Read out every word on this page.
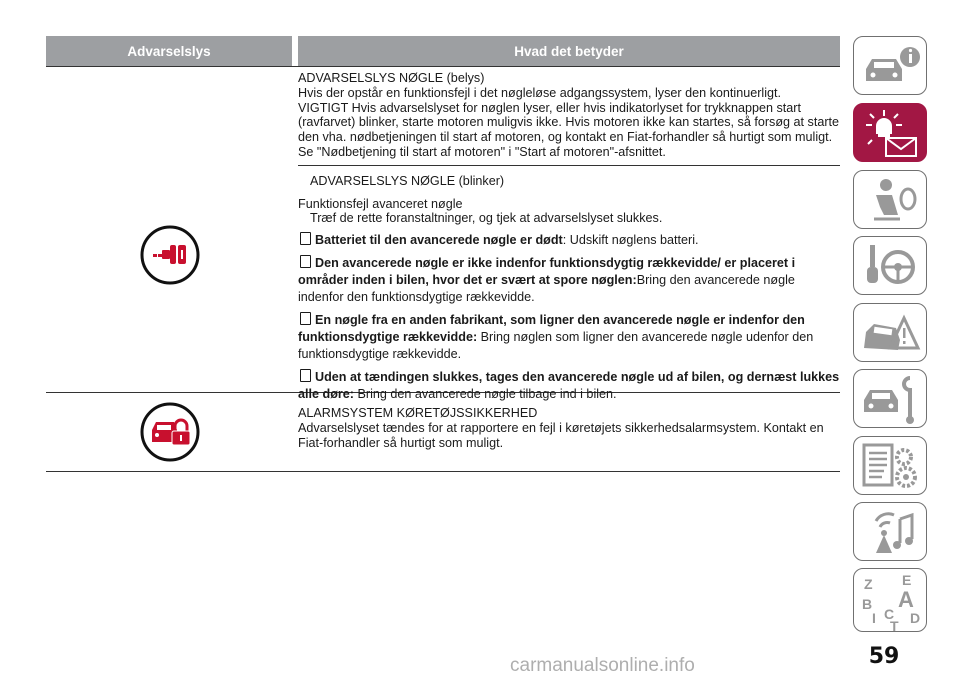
Advarselslys	Hvad det betyder
ADVARSELSLYS NØGLE (belys)
Hvis der opstår en funktionsfejl i det nøgleløse adgangssystem, lyser den kontinuerligt.
VIGTIGT Hvis advarselslyset for nøglen lyser, eller hvis indikatorlyset for trykknappen start
(ravfarvet) blinker, starte motoren muligvis ikke. Hvis motoren ikke kan startes, så forsøg at starte
den vha. nødbetjeningen til start af motoren, og kontakt en Fiat-forhandler så hurtigt som muligt.
Se "Nødbetjening til start af motoren" i "Start af motoren"-afsnittet.
ADVARSELSLYS NØGLE (blinker)
Funktionsfejl avanceret nøgle
Træf de rette foranstaltninger, og tjek at advarselslyset slukkes.
Batteriet til den avancerede nøgle er dødt: Udskift nøglens batteri.
Den avancerede nøgle er ikke indenfor funktionsdygtig rækkevidde/ er placeret i områder inden i bilen, hvor det er svært at spore nøglen:Bring den avancerede nøgle indenfor den funktionsdygtige rækkevidde.
En nøgle fra en anden fabrikant, som ligner den avancerede nøgle er indenfor den funktionsdygtige rækkevidde: Bring nøglen som ligner den avancerede nøgle udenfor den funktionsdygtige rækkevidde.
Uden at tændingen slukkes, tages den avancerede nøgle ud af bilen, og dernæst lukkes alle døre: Bring den avancerede nøgle tilbage ind i bilen.
ALARMSYSTEM KØRETØJSSIKKERHED
Advarselslyset tændes for at rapportere en fejl i køretøjets sikkerhedsalarmsystem. Kontakt en
Fiat-forhandler så hurtigt som muligt.
Z E
B A
I C D
T
59
carmanualsonline.info
